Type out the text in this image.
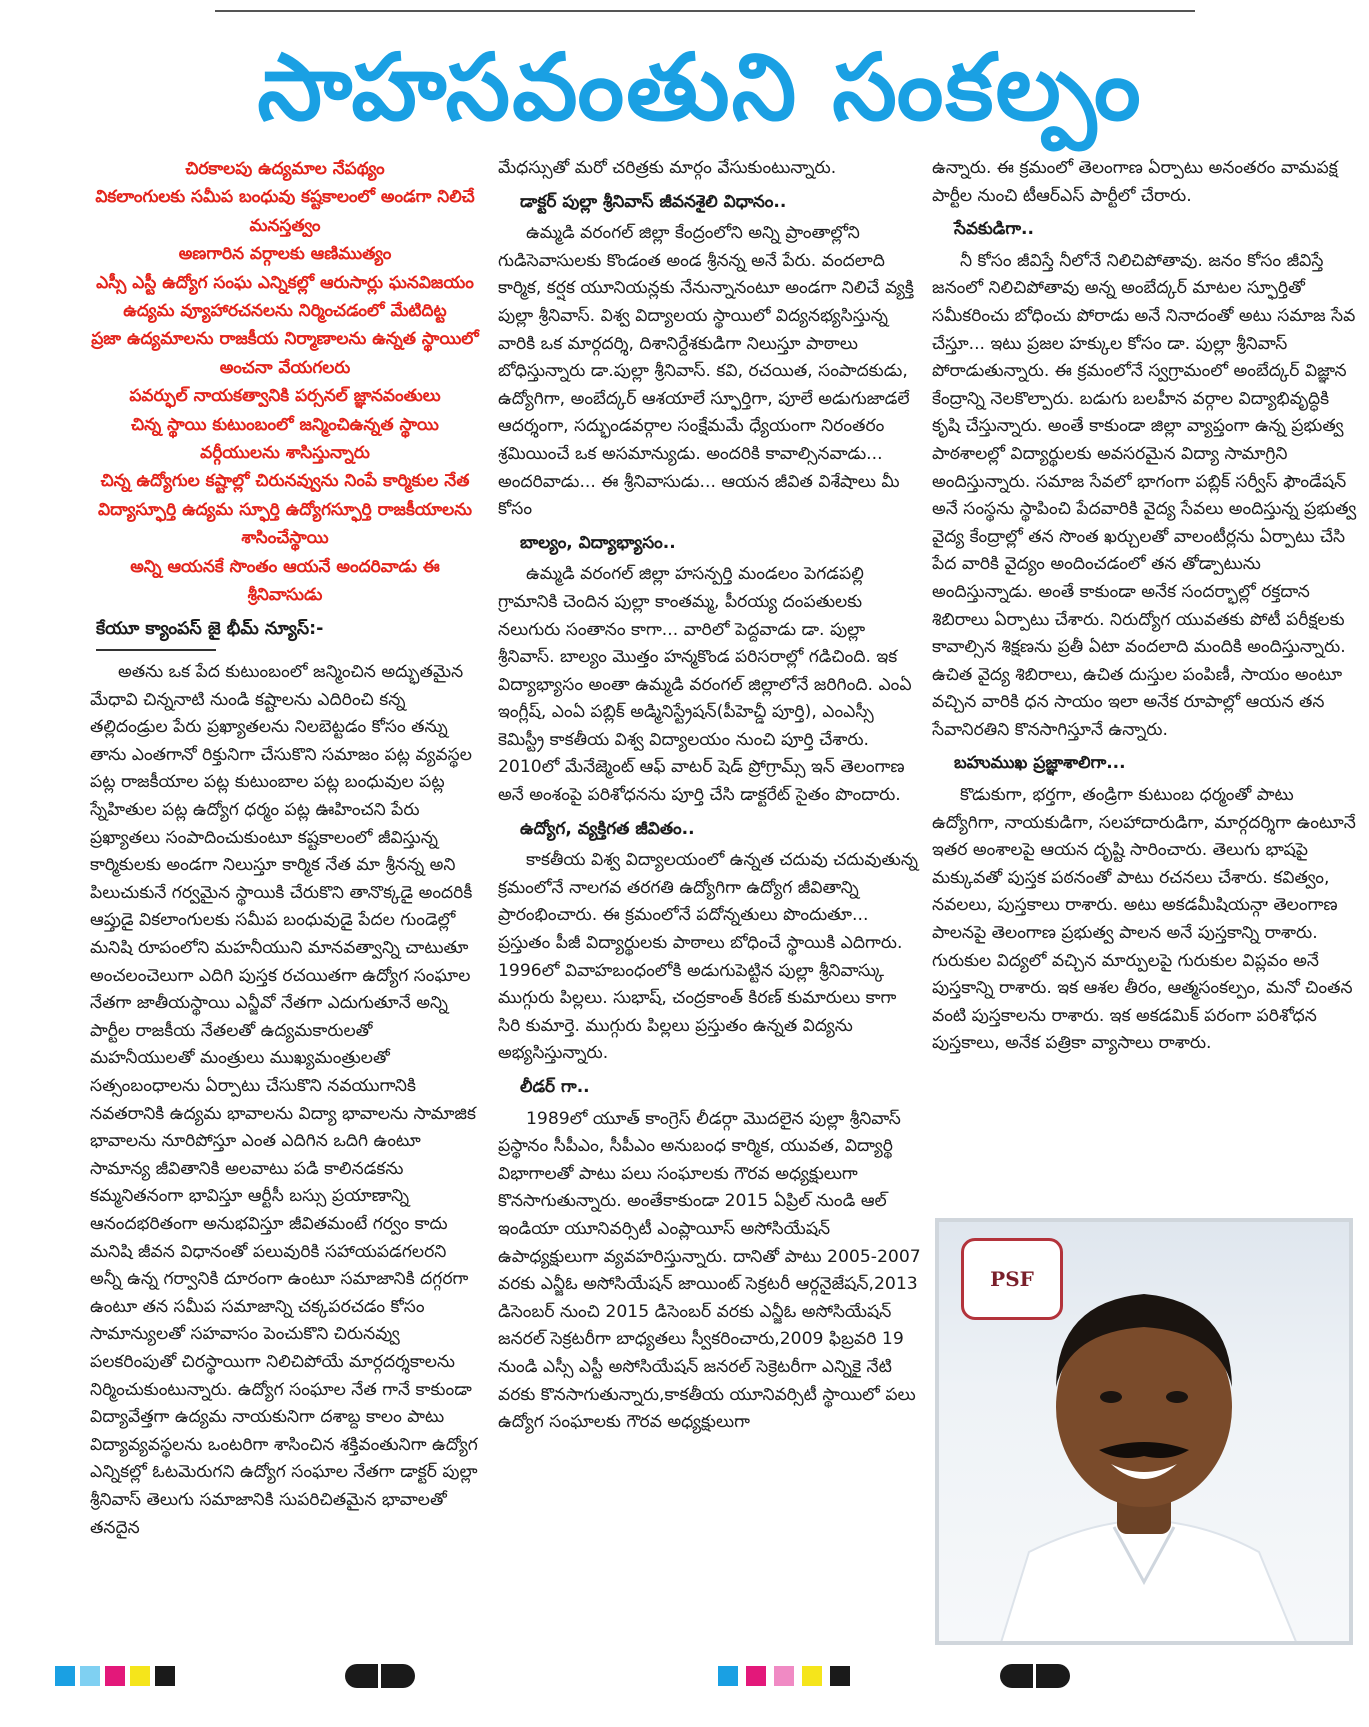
సాహసవంతుని సంకల్పం

చిరకాలపు ఉద్యమాల నేపథ్యం

వికలాంగులకు సమీప బంధువు కష్టకాలంలో అండగా నిలిచే మనస్తత్వం

అణగారిన వర్గాలకు ఆణిముత్యం

ఎస్సీ ఎస్టీ ఉద్యోగ సంఘ ఎన్నికల్లో ఆరుసార్లు ఘనవిజయం

ఉద్యమ వ్యూహారచనలను నిర్మించడంలో మేటిదిట్ట

ప్రజా ఉద్యమాలను రాజకీయ నిర్మాణాలను ఉన్నత స్థాయిలో అంచనా వేయగలరు

పవర్ఫుల్ నాయకత్వానికి పర్సనల్ జ్ఞానవంతులు

చిన్న స్థాయి కుటుంబంలో జన్మించిఉన్నత స్థాయి వర్గీయులను శాసిస్తున్నారు

చిన్న ఉద్యోగుల కష్టాల్లో చిరునవ్వును నింపే కార్మికుల నేత

విద్యాస్ఫూర్తి ఉద్యమ స్ఫూర్తి ఉద్యోగస్ఫూర్తి రాజకీయాలను శాసించేస్థాయి

అన్ని ఆయనకే సొంతం ఆయనే అందరివాడు ఈ శ్రీనివాసుడు

కేయూ క్యాంపస్ జై భీమ్ న్యూస్:-

అతను ఒక పేద కుటుంబంలో జన్మించిన అద్భుతమైన మేధావి చిన్ననాటి నుండి కష్టాలను ఎదిరించి కన్న తల్లిదండ్రుల పేరు ప్రఖ్యాతలను నిలబెట్టడం కోసం తన్ను తాను ఎంతగానో రిక్తునిగా చేసుకొని సమాజం పట్ల వ్యవస్థల పట్ల రాజకీయాల పట్ల కుటుంబాల పట్ల బంధువుల పట్ల స్నేహితుల పట్ల ఉద్యోగ ధర్మం పట్ల ఊహించని పేరు ప్రఖ్యాతలు సంపాదించుకుంటూ కష్టకాలంలో జీవిస్తున్న కార్మికులకు అండగా నిలుస్తూ కార్మిక నేత మా శ్రీనన్న అని పిలుచుకునే గర్వమైన స్థాయికి చేరుకొని తానొక్కడై అందరికీ ఆప్తుడై వికలాంగులకు సమీప బంధువుడై పేదల గుండెల్లో మనిషి రూపంలోని మహనీయుని మానవత్వాన్ని చాటుతూ అంచలంచెలుగా ఎదిగి పుస్తక రచయితగా ఉద్యోగ సంఘాల నేతగా జాతీయస్థాయి ఎన్జీవో నేతగా ఎదుగుతూనే అన్ని పార్టీల రాజకీయ నేతలతో ఉద్యమకారులతో మహనీయులతో మంత్రులు ముఖ్యమంత్రులతో సత్సంబంధాలను ఏర్పాటు చేసుకొని నవయుగానికి నవతరానికి ఉద్యమ భావాలను విద్యా భావాలను సామాజిక భావాలను నూరిపోస్తూ ఎంత ఎదిగిన ఒదిగి ఉంటూ సామాన్య జీవితానికి అలవాటు పడి కాలినడకను కమ్మనితనంగా భావిస్తూ ఆర్టీసీ బస్సు ప్రయాణాన్ని ఆనందభరితంగా అనుభవిస్తూ జీవితమంటే గర్వం కాదు మనిషి జీవన విధానంతో పలువురికి సహాయపడగలరని అన్నీ ఉన్న గర్వానికి దూరంగా ఉంటూ సమాజానికి దగ్గరగా ఉంటూ తన సమీప సమాజాన్ని చక్కపరచడం కోసం సామాన్యులతో సహవాసం పెంచుకొని చిరునవ్వు పలకరింపుతో చిరస్థాయిగా నిలిచిపోయే మార్గదర్శకాలను నిర్మించుకుంటున్నారు. ఉద్యోగ సంఘాల నేత గానే కాకుండా విద్యావేత్తగా ఉద్యమ నాయకునిగా దశాబ్ద కాలం పాటు విద్యావ్యవస్థలను ఒంటరిగా శాసించిన శక్తివంతునిగా ఉద్యోగ ఎన్నికల్లో ఓటమెరుగని ఉద్యోగ సంఘాల నేతగా డాక్టర్ పుల్లా శ్రీనివాస్ తెలుగు సమాజానికి సుపరిచితమైన భావాలతో తనదైన

మేధస్సుతో మరో చరిత్రకు మార్గం వేసుకుంటున్నారు.

డాక్టర్ పుల్లా శ్రీనివాస్ జీవనశైలి విధానం..

ఉమ్మడి వరంగల్ జిల్లా కేంద్రంలోని అన్ని ప్రాంతాల్లోని గుడిసెవాసులకు కొండంత అండ శ్రీనన్న అనే పేరు. వందలాది కార్మిక, కర్షక యూనియన్లకు నేనున్నానంటూ అండగా నిలిచే వ్యక్తి పుల్లా శ్రీనివాస్. విశ్వ విద్యాలయ స్థాయిలో విద్యనభ్యసిస్తున్న వారికి ఒక మార్గదర్శి, దిశానిర్దేశకుడిగా నిలుస్తూ పాఠాలు బోధిస్తున్నారు డా.పుల్లా శ్రీనివాస్. కవి, రచయిత, సంపాదకుడు, ఉద్యోగిగా, అంబేద్కర్ ఆశయాలే స్ఫూర్తిగా, పూలే అడుగుజాడలే ఆదర్శంగా, సద్భుండవర్గాల సంక్షేమమే ధ్యేయంగా నిరంతరం శ్రమియించే ఒక అసమాన్యుడు. అందరికి కావాల్సినవాడు... అందరివాడు... ఈ శ్రీనివాసుడు... ఆయన జీవిత విశేషాలు మీ కోసం

బాల్యం, విద్యాభ్యాసం..

ఉమ్మడి వరంగల్ జిల్లా హసన్పర్తి మండలం పెగడపల్లి గ్రామానికి చెందిన పుల్లా కాంతమ్మ, పీరయ్య దంపతులకు నలుగురు సంతానం కాగా... వారిలో పెద్దవాడు డా. పుల్లా శ్రీనివాస్. బాల్యం మొత్తం హన్మకొండ పరిసరాల్లో గడిచింది. ఇక విద్యాభ్యాసం అంతా ఉమ్మడి వరంగల్ జిల్లాలోనే జరిగింది. ఎంఏ ఇంగ్లీష్, ఎంఏ పబ్లిక్ అడ్మినిస్ట్రేషన్(పీహెచ్డీ పూర్తి), ఎంఎస్సీ కెమిస్ట్రీ కాకతీయ విశ్వ విద్యాలయం నుంచి పూర్తి చేశారు. 2010లో మేనేజ్మెంట్ ఆఫ్ వాటర్ షెడ్ ప్రోగ్రామ్స్ ఇన్ తెలంగాణ అనే అంశంపై పరిశోధనను పూర్తి చేసి డాక్టరేట్ సైతం పొందారు.

ఉద్యోగ, వ్యక్తిగత జీవితం..

కాకతీయ విశ్వ విద్యాలయంలో ఉన్నత చదువు చదువుతున్న క్రమంలోనే నాలగవ తరగతి ఉద్యోగిగా ఉద్యోగ జీవితాన్ని ప్రారంభించారు. ఈ క్రమంలోనే పదోన్నతులు పొందుతూ... ప్రస్తుతం పీజీ విద్యార్థులకు పాఠాలు బోధించే స్థాయికి ఎదిగారు. 1996లో వివాహబంధంలోకి అడుగుపెట్టిన పుల్లా శ్రీనివాస్కు ముగ్గురు పిల్లలు. సుభాష్, చంద్రకాంత్ కిరణ్ కుమారులు కాగా సిరి కుమార్తె. ముగ్గురు పిల్లలు ప్రస్తుతం ఉన్నత విద్యను అభ్యసిస్తున్నారు.

లీడర్ గా..

1989లో యూత్ కాంగ్రెస్ లీడర్గా మొదలైన పుల్లా శ్రీనివాస్ ప్రస్థానం సీపీఎం, సీపీఎం అనుబంధ కార్మిక, యువత, విద్యార్థి విభాగాలతో పాటు పలు సంఘాలకు గౌరవ అధ్యక్షులుగా కొనసాగుతున్నారు. అంతేకాకుండా 2015 ఏప్రిల్ నుండి ఆల్ ఇండియా యూనివర్సిటీ ఎంప్లాయీస్ అసోసియేషన్ ఉపాధ్యక్షులుగా వ్యవహరిస్తున్నారు. దానితో పాటు 2005-2007 వరకు ఎన్జీఓ అసోసియేషన్ జాయింట్ సెక్రటరీ ఆర్గనైజేషన్,2013 డిసెంబర్ నుంచి 2015 డిసెంబర్ వరకు ఎన్జీఓ అసోసియేషన్ జనరల్ సెక్రటరీగా బాధ్యతలు స్వీకరించారు,2009 ఫిబ్రవరి 19 నుండి ఎస్సీ ఎస్టీ అసోసియేషన్ జనరల్ సెక్రెటరీగా ఎన్నికై నేటి వరకు కొనసాగుతున్నారు,కాకతీయ యూనివర్సిటీ స్థాయిలో పలు ఉద్యోగ సంఘాలకు గౌరవ అధ్యక్షులుగా

ఉన్నారు. ఈ క్రమంలో తెలంగాణ ఏర్పాటు అనంతరం వామపక్ష పార్టీల నుంచి టీఆర్ఎస్ పార్టీలో చేరారు.

సేవకుడిగా..

నీ కోసం జీవిస్తే నీలోనే నిలిచిపోతావు. జనం కోసం జీవిస్తే జనంలో నిలిచిపోతావు అన్న అంబేద్కర్ మాటల స్ఫూర్తితో సమీకరించు బోధించు పోరాడు అనే నినాదంతో అటు సమాజ సేవ చేస్తూ... ఇటు ప్రజల హక్కుల కోసం డా. పుల్లా శ్రీనివాస్ పోరాడుతున్నారు. ఈ క్రమంలోనే స్వగ్రామంలో అంబేద్కర్ విజ్ఞాన కేంద్రాన్ని నెలకొల్పారు. బడుగు బలహీన వర్గాల విద్యాభివృద్ధికి కృషి చేస్తున్నారు. అంతే కాకుండా జిల్లా వ్యాప్తంగా ఉన్న ప్రభుత్వ పాఠశాలల్లో విద్యార్థులకు అవసరమైన విద్యా సామాగ్రిని అందిస్తున్నారు. సమాజ సేవలో భాగంగా పబ్లిక్ సర్వీస్ ఫౌండేషన్ అనే సంస్థను స్థాపించి పేదవారికి వైద్య సేవలు అందిస్తున్న ప్రభుత్వ వైద్య కేంద్రాల్లో తన సొంత ఖర్చులతో వాలంటీర్లను ఏర్పాటు చేసి పేద వారికి వైద్యం అందించడంలో తన తోడ్పాటును అందిస్తున్నాడు. అంతే కాకుండా అనేక సందర్భాల్లో రక్తదాన శిబిరాలు ఏర్పాటు చేశారు. నిరుద్యోగ యువతకు పోటీ పరీక్షలకు కావాల్సిన శిక్షణను ప్రతీ ఏటా వందలాది మందికి అందిస్తున్నారు. ఉచిత వైద్య శిబిరాలు, ఉచిత దుస్తుల పంపిణీ, సాయం అంటూ వచ్చిన వారికి ధన సాయం ఇలా అనేక రూపాల్లో ఆయన తన సేవానిరతిని కొనసాగిస్తూనే ఉన్నారు.

బహుముఖ ప్రజ్ఞాశాలిగా...

కొడుకుగా, భర్తగా, తండ్రిగా కుటుంబ ధర్మంతో పాటు ఉద్యోగిగా, నాయకుడిగా, సలహాదారుడిగా, మార్గదర్శిగా ఉంటూనే ఇతర అంశాలపై ఆయన దృష్టి సారించారు. తెలుగు భాషపై మక్కువతో పుస్తక పఠనంతో పాటు రచనలు చేశారు. కవిత్వం, నవలలు, పుస్తకాలు రాశారు. అటు అకడమీషియన్గా తెలంగాణ పాలనపై తెలంగాణ ప్రభుత్వ పాలన అనే పుస్తకాన్ని రాశారు. గురుకుల విద్యలో వచ్చిన మార్పులపై గురుకుల విప్లవం అనే పుస్తకాన్ని రాశారు. ఇక ఆశల తీరం, ఆత్మసంకల్పం, మనో చింతన వంటి పుస్తకాలను రాశారు. ఇక అకడమిక్ పరంగా పరిశోధన పుస్తకాలు, అనేక పత్రికా వ్యాసాలు రాశారు.

PSF
